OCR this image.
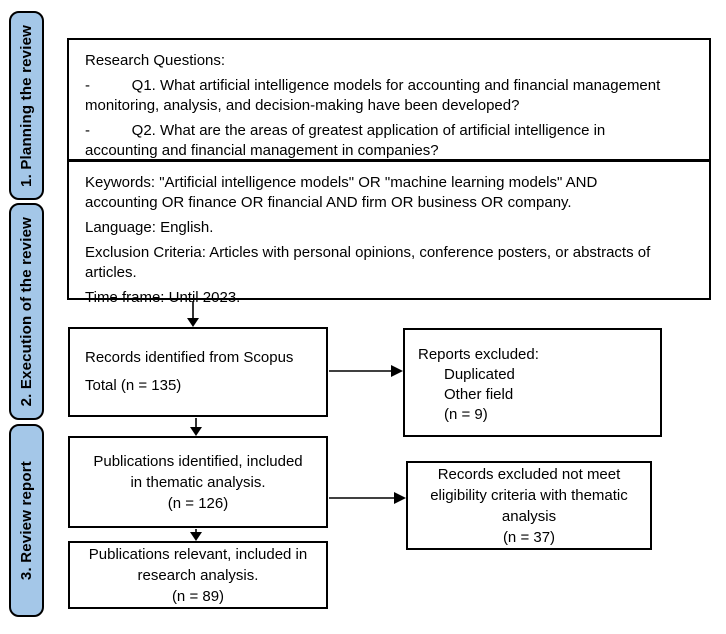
1. Planning the review
2. Execution of the review
3. Review report
Research Questions:
-          Q1. What artificial intelligence models for accounting and financial management
monitoring, analysis, and decision-making have been developed?
-          Q2. What are the areas of greatest application of artificial intelligence in
accounting and financial management in companies?
Keywords: "Artificial intelligence models" OR "machine learning models" AND
accounting OR finance OR financial AND firm OR business OR company.
Language: English.
Exclusion Criteria: Articles with personal opinions, conference posters, or abstracts of
articles.
Time frame: Until 2023.
Records identified from Scopus
Total (n = 135)
Reports excluded:
Duplicated
Other field
(n = 9)
Publications identified, included
in thematic analysis.
(n = 126)
Records excluded not meet
eligibility criteria with thematic
analysis
(n = 37)
Publications relevant, included in
research analysis.
(n = 89)
